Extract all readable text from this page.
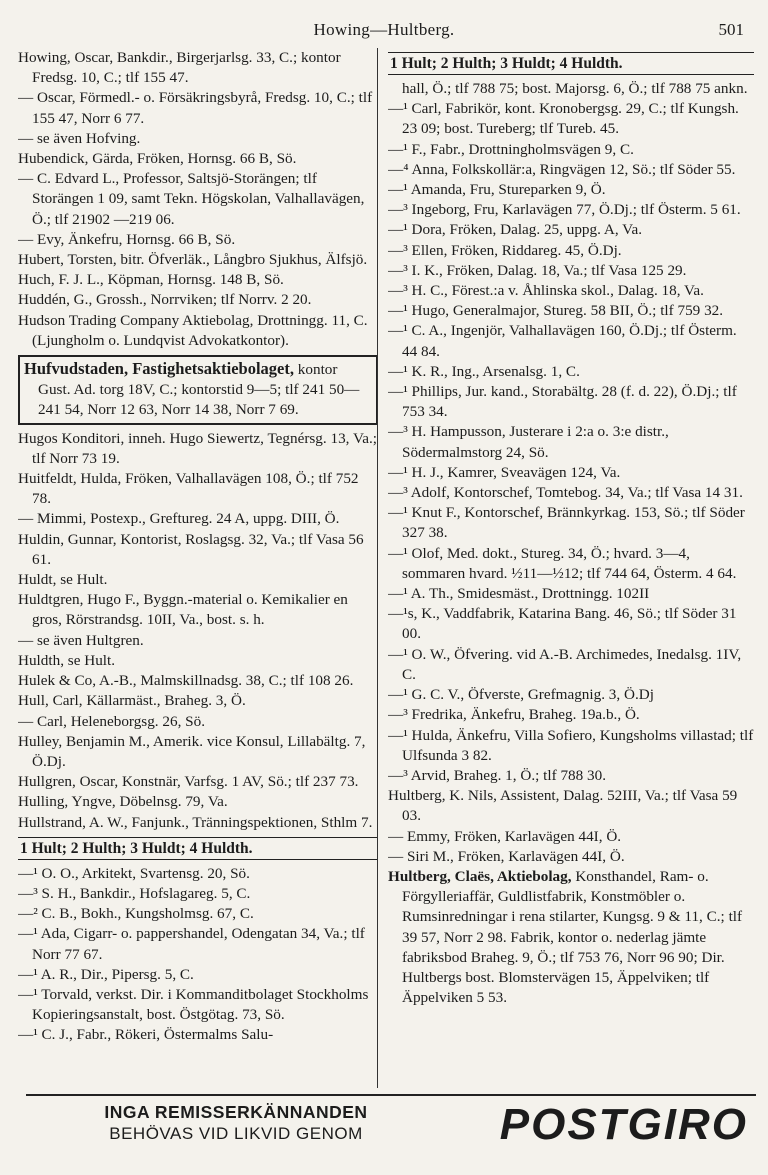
Howing—Hultberg.	501

Howing, Oscar, Bankdir., Birgerjarlsg. 33, C.; kontor Fredsg. 10, C.; tlf 155 47.

— Oscar, Förmedl.- o. Försäkringsbyrå, Fredsg. 10, C.; tlf 155 47, Norr 6 77.

— se även Hofving.

Hubendick, Gärda, Fröken, Hornsg. 66 B, Sö.

— C. Edvard L., Professor, Saltsjö-Storängen; tlf Storängen 1 09, samt Tekn. Högskolan, Valhallavägen, Ö.; tlf 21902 —219 06.

— Evy, Änkefru, Hornsg. 66 B, Sö.

Hubert, Torsten, bitr. Öfverläk., Långbro Sjukhus, Älfsjö.

Huch, F. J. L., Köpman, Hornsg. 148 B, Sö.

Huddén, G., Grossh., Norrviken; tlf Norrv. 2 20.

Hudson Trading Company Aktiebolag, Drottningg. 11, C. (Ljungholm o. Lundqvist Advokatkontor).

Hufvudstaden, Fastighetsaktiebolaget, kontor Gust. Ad. torg 18V, C.; kontorstid 9—5; tlf 241 50—241 54, Norr 12 63, Norr 14 38, Norr 7 69.

Hugos Konditori, inneh. Hugo Siewertz, Tegnérsg. 13, Va.; tlf Norr 73 19.

Huitfeldt, Hulda, Fröken, Valhallavägen 108, Ö.; tlf 752 78.

— Mimmi, Postexp., Greftureg. 24 A, uppg. DIII, Ö.

Huldin, Gunnar, Kontorist, Roslagsg. 32, Va.; tlf Vasa 56 61.

Huldt, se Hult.

Huldtgren, Hugo F., Byggn.-material o. Kemikalier en gros, Rörstrandsg. 10II, Va., bost. s. h.

— se även Hultgren.

Huldth, se Hult.

Hulek & Co, A.-B., Malmskillnadsg. 38, C.; tlf 108 26.

Hull, Carl, Källarmäst., Braheg. 3, Ö.

— Carl, Heleneborgsg. 26, Sö.

Hulley, Benjamin M., Amerik. vice Konsul, Lillabältg. 7, Ö.Dj.

Hullgren, Oscar, Konstnär, Varfsg. 1 AV, Sö.; tlf 237 73.

Hulling, Yngve, Döbelnsg. 79, Va.

Hullstrand, A. W., Fanjunk., Tränningspektionen, Sthlm 7.

1 Hult; 2 Hulth; 3 Huldt; 4 Huldth.

—¹ O. O., Arkitekt, Svartensg. 20, Sö.

—³ S. H., Bankdir., Hofslagareg. 5, C.

—² C. B., Bokh., Kungsholmsg. 67, C.

—¹ Ada, Cigarr- o. pappershandel, Odengatan 34, Va.; tlf Norr 77 67.

—¹ A. R., Dir., Pipersg. 5, C.

—¹ Torvald, verkst. Dir. i Kommanditbolaget Stockholms Kopieringsanstalt, bost. Östgötag. 73, Sö.

—¹ C. J., Fabr., Rökeri, Östermalms Salu-

1 Hult; 2 Hulth; 3 Huldt; 4 Huldth.

hall, Ö.; tlf 788 75; bost. Majorsg. 6, Ö.; tlf 788 75 ankn.

—¹ Carl, Fabrikör, kont. Kronobergsg. 29, C.; tlf Kungsh. 23 09; bost. Tureberg; tlf Tureb. 45.

—¹ F., Fabr., Drottningholmsvägen 9, C.

—⁴ Anna, Folkskollär:a, Ringvägen 12, Sö.; tlf Söder 55.

—¹ Amanda, Fru, Stureparken 9, Ö.

—³ Ingeborg, Fru, Karlavägen 77, Ö.Dj.; tlf Österm. 5 61.

—¹ Dora, Fröken, Dalag. 25, uppg. A, Va.

—³ Ellen, Fröken, Riddareg. 45, Ö.Dj.

—³ I. K., Fröken, Dalag. 18, Va.; tlf Vasa 125 29.

—³ H. C., Förest.:a v. Åhlinska skol., Dalag. 18, Va.

—¹ Hugo, Generalmajor, Stureg. 58 BII, Ö.; tlf 759 32.

—¹ C. A., Ingenjör, Valhallavägen 160, Ö.Dj.; tlf Österm. 44 84.

—¹ K. R., Ing., Arsenalsg. 1, C.

—¹ Phillips, Jur. kand., Storabältg. 28 (f. d. 22), Ö.Dj.; tlf 753 34.

—³ H. Hampusson, Justerare i 2:a o. 3:e distr., Södermalmstorg 24, Sö.

—¹ H. J., Kamrer, Sveavägen 124, Va.

—³ Adolf, Kontorschef, Tomtebog. 34, Va.; tlf Vasa 14 31.

—¹ Knut F., Kontorschef, Brännkyrkag. 153, Sö.; tlf Söder 327 38.

—¹ Olof, Med. dokt., Stureg. 34, Ö.; hvard. 3—4, sommaren hvard. ½11—½12; tlf 744 64, Österm. 4 64.

—¹ A. Th., Smidesmäst., Drottningg. 102II

—¹s, K., Vaddfabrik, Katarina Bang. 46, Sö.; tlf Söder 31 00.

—¹ O. W., Öfvering. vid A.-B. Archimedes, Inedalsg. 1IV, C.

—¹ G. C. V., Öfverste, Grefmagnig. 3, Ö.Dj

—³ Fredrika, Änkefru, Braheg. 19a.b., Ö.

—¹ Hulda, Änkefru, Villa Sofiero, Kungsholms villastad; tlf Ulfsunda 3 82.

—³ Arvid, Braheg. 1, Ö.; tlf 788 30.

Hultberg, K. Nils, Assistent, Dalag. 52III, Va.; tlf Vasa 59 03.

— Emmy, Fröken, Karlavägen 44I, Ö.

— Siri M., Fröken, Karlavägen 44I, Ö.

Hultberg, Claës, Aktiebolag, Konsthandel, Ram- o. Förgylleriaffär, Guldlistfabrik, Konstmöbler o. Rumsinredningar i rena stilarter, Kungsg. 9 & 11, C.; tlf 39 57, Norr 2 98. Fabrik, kontor o. nederlag jämte fabriksbod Braheg. 9, Ö.; tlf 753 76, Norr 96 90; Dir. Hultbergs bost. Blomstervägen 15, Äppelviken; tlf Äppelviken 5 53.

INGA REMISSERKÄNNANDEN
BEHÖVAS VID LIKVID GENOM	POSTGIRO
